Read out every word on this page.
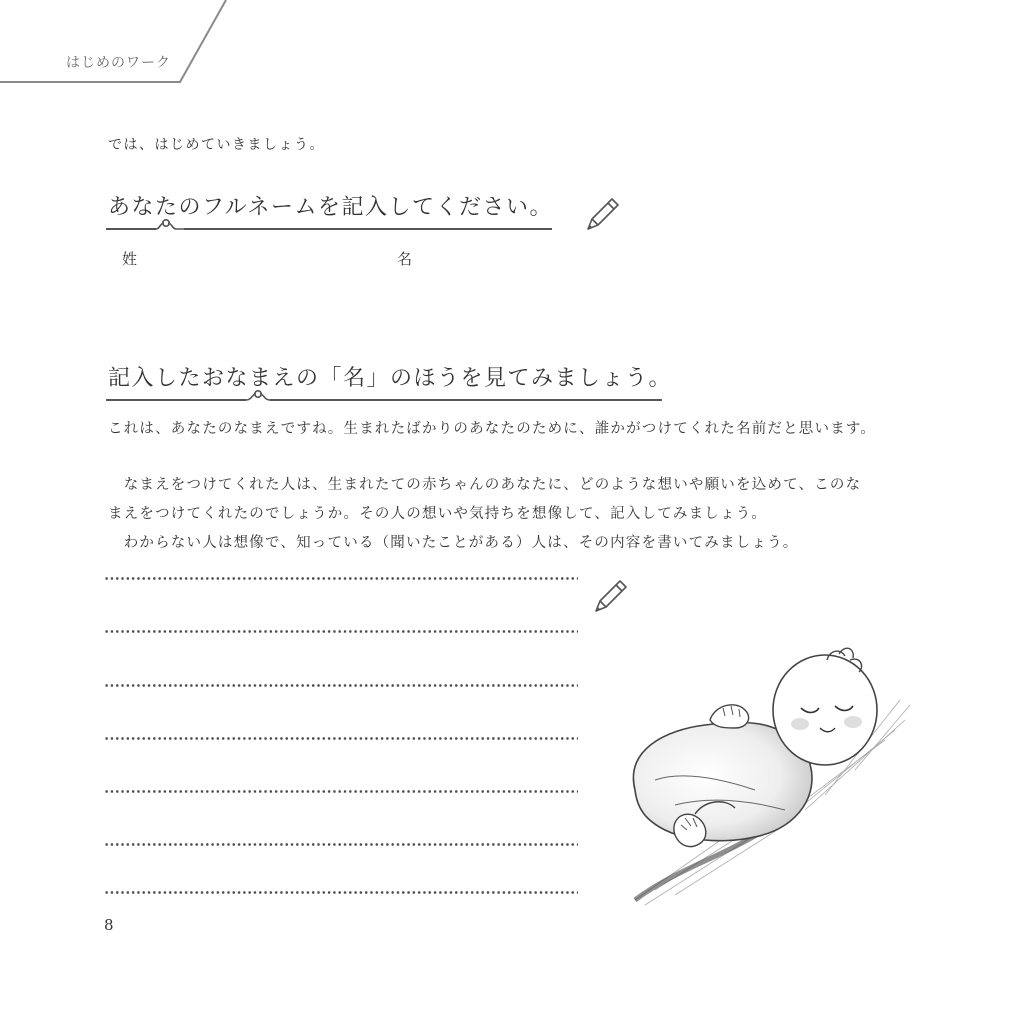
はじめのワーク
では、はじめていきましょう。
あなたのフルネームを記入してください。
姓	名
記入したおなまえの「名」のほうを見てみましょう。
これは、あなたのなまえですね。生まれたばかりのあなたのために、誰かがつけてくれた名前だと思います。
　なまえをつけてくれた人は、生まれたての赤ちゃんのあなたに、どのような想いや願いを込めて、このな
まえをつけてくれたのでしょうか。その人の想いや気持ちを想像して、記入してみましょう。
　わからない人は想像で、知っている（聞いたことがある）人は、その内容を書いてみましょう。
8
